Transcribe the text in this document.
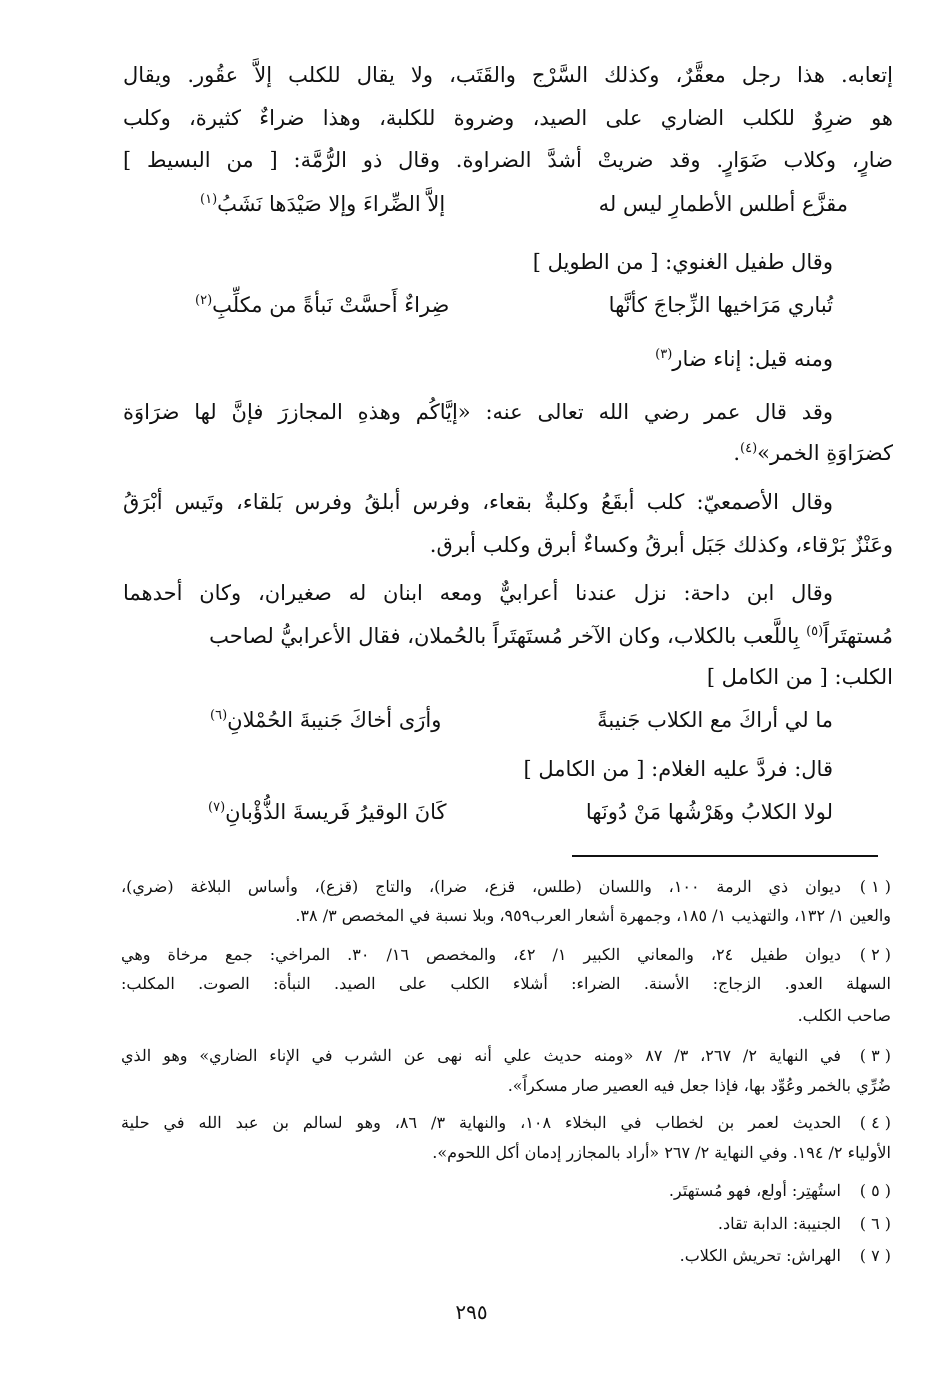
إتعابه. هذا رجل معقَّرٌ، وكذلك السَّرْج والقَتَب، ولا يقال للكلب إلاَّ عقُور. ويقال
هو ضرِوٌ للكلب الضاري على الصيد، وضروة للكلبة، وهذا ضراءٌ كثيرة، وكلب
ضارٍ، وكلاب ضَوَارٍ. وقد ضريتْ أشدَّ الضراوة. وقال ذو الرُّمَّة: [ من البسيط ]
مقزَّع أطلس الأطمارِ ليس له
إلاَّ الضِّراءَ وإلا صَيْدَها نَشَبُ$^{(١)}$
وقال طفيل الغنوي: [ من الطويل ]
تُباري مَرَاخيها الزِّجاجَ كأنَّها
ضِراءٌ أَحسَّتْ نَبأةً من مكلِّبِ$^{(٢)}$
ومنه قيل: إناء ضار$^{(٣)}$
وقد قال عمر رضي الله تعالى عنه: «إيَّاكُم وهذهِ المجازرَ فإنَّ لها ضرَاوَة
كضرَاوَةِ الخمر»$^{(٤)}$.
وقال الأصمعيّ: كلب أبقَعُ وكلبةٌ بقعاء، وفرس أبلقُ وفرس بَلقاء، وتَيس أبْرَقُ
وعَنْزٌ بَرْقاء، وكذلك جَبَل أبرقُ وكساءٌ أبرق وكلب أبرق.
وقال ابن داحة: نزل عندنا أعرابيٌّ ومعه ابنان له صغيران، وكان أحدهما
مُستهتَراً$^{(٥)}$ بِاللَّعب بالكلاب، وكان الآخر مُستَهتَراً بالحُملان، فقال الأعرابيُّ لصاحب
الكلب: [ من الكامل ]
ما لي أراكَ مع الكلاب جَنيبةً
وأرَى أخاكَ جَنيبةَ الحُمْلانِ$^{(٦)}$
قال: فردَّ عليه الغلام: [ من الكامل ]
لولا الكلابُ وهَرْشُها مَنْ دُونَها
كَانَ الوقيرُ فَريسةَ الذُّؤْبانِ$^{(٧)}$
( ١ )
ديوان ذي الرمة ١٠٠، واللسان (طلس، قزع، ضرا)، والتاج (قزع)، وأساس البلاغة (ضري)،
والعين ١/ ١٣٢، والتهذيب ١/ ١٨٥، وجمهرة أشعار العرب٩٥٩، وبلا نسبة في المخصص ٣/ ٣٨.
( ٢ )
ديوان طفيل ٢٤، والمعاني الكبير ١/ ٤٢، والمخصص ١٦/ ٣٠. المراخي: جمع مرخاة وهي
السهلة العدو. الزجاج: الأسنة. الضراء: أشلاء الكلب على الصيد. النبأة: الصوت. المكلب:
صاحب الكلب.
( ٣ )
في النهاية ٢/ ٢٦٧، ٣/ ٨٧ «ومنه حديث علي أنه نهى عن الشرب في الإناء الضاري» وهو الذي
ضُرِّي بالخمر وعُوِّد بها، فإذا جعل فيه العصير صار مسكراً».
( ٤ )
الحديث لعمر بن لخطاب في البخلاء ١٠٨، والنهاية ٣/ ٨٦، وهو لسالم بن عبد الله في حلية
الأولياء ٢/ ١٩٤. وفي النهاية ٢/ ٢٦٧ «أراد بالمجازر إدمان أكل اللحوم».
( ٥ )
استُهتِر: أولع، فهو مُستهتَر.
( ٦ )
الجنيبة: الدابة تقاد.
( ٧ )
الهراش: تحريش الكلاب.
٢٩٥
